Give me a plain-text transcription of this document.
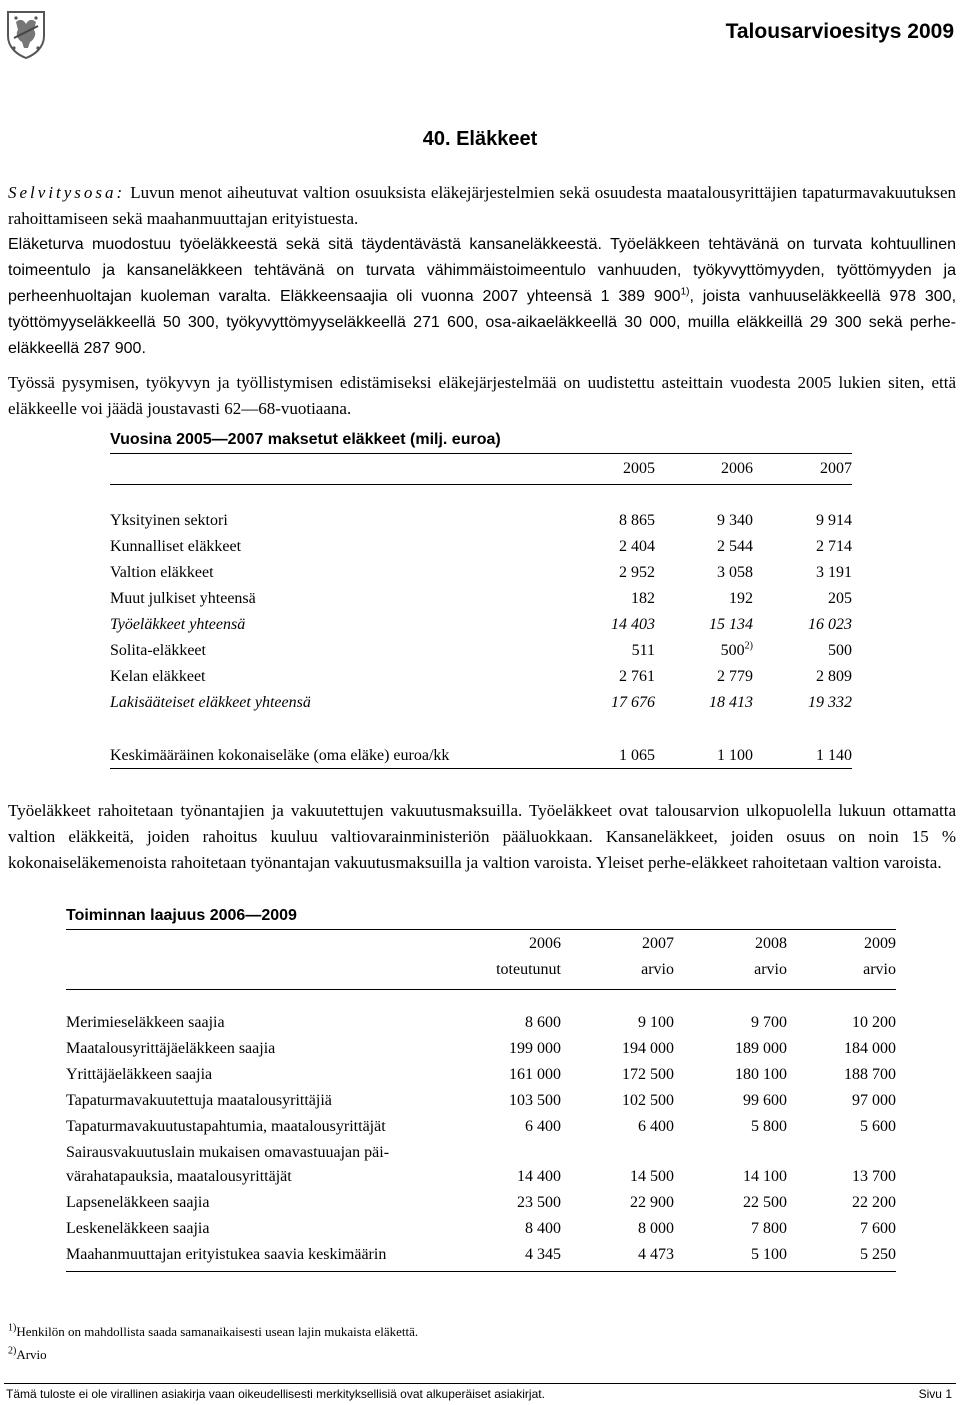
Talousarvioesitys 2009
40. Eläkkeet
Selvitysosa: Luvun menot aiheutuvat valtion osuuksista eläkejärjestelmien sekä osuudesta maatalousyrittäjien tapaturmavakuutuksen rahoittamiseen sekä maahanmuuttajan erityistuesta.
Eläketurva muodostuu työeläkkeestä sekä sitä täydentävästä kansaneläkkeestä. Työeläkkeen tehtävänä on turvata kohtuullinen toimeentulo ja kansaneläkkeen tehtävänä on turvata vähimmäistoimeentulo vanhuuden, työkyvyttömyyden, työttömyyden ja perheenhuoltajan kuoleman varalta. Eläkkeensaajia oli vuonna 2007 yhteensä 1 389 900$^{1)}$, joista vanhuuseläkkeellä 978 300, työttömyyseläkkeellä 50 300, työkyvyttömyyseläkkeellä 271 600, osa-aikaeläkkeellä 30 000, muilla eläkkeillä 29 300 sekä perhe-eläkkeellä 287 900.
Työssä pysymisen, työkyvyn ja työllistymisen edistämiseksi eläkejärjestelmää on uudistettu asteittain vuodesta 2005 lukien siten, että eläkkeelle voi jäädä joustavasti 62—68-vuotiaana.
Vuosina 2005—2007 maksetut eläkkeet (milj. euroa)
2005	2006	2007
Yksityinen sektori	8 865	9 340	9 914
Kunnalliset eläkkeet	2 404	2 544	2 714
Valtion eläkkeet	2 952	3 058	3 191
Muut julkiset yhteensä	182	192	205
Työeläkkeet yhteensä	14 403	15 134	16 023
Solita-eläkkeet	511	500$^{2)}$	500
Kelan eläkkeet	2 761	2 779	2 809
Lakisääteiset eläkkeet yhteensä	17 676	18 413	19 332
Keskimääräinen kokonaiseläke (oma eläke) euroa/kk	1 065	1 100	1 140
Työeläkkeet rahoitetaan työnantajien ja vakuutettujen vakuutusmaksuilla. Työeläkkeet ovat talousarvion ulkopuolella lukuun ottamatta valtion eläkkeitä, joiden rahoitus kuuluu valtiovarainministeriön pääluokkaan. Kansaneläkkeet, joiden osuus on noin 15 % kokonaiseläkemenoista rahoitetaan työnantajan vakuutusmaksuilla ja valtion varoista. Yleiset perhe-eläkkeet rahoitetaan valtion varoista.
Toiminnan laajuus 2006—2009
2006	2007	2008	2009
toteutunut	arvio	arvio	arvio
Merimieseläkkeen saajia	8 600	9 100	9 700	10 200
Maatalousyrittäjäeläkkeen saajia	199 000	194 000	189 000	184 000
Yrittäjäeläkkeen saajia	161 000	172 500	180 100	188 700
Tapaturmavakuutettuja maatalousyrittäjiä	103 500	102 500	99 600	97 000
Tapaturmavakuutustapahtumia, maatalousyrittäjät	6 400	6 400	5 800	5 600
Sairausvakuutuslain mukaisen omavastuuajan päi-
värahatapauksia, maatalousyrittäjät	14 400	14 500	14 100	13 700
Lapseneläkkeen saajia	23 500	22 900	22 500	22 200
Leskeneläkkeen saajia	8 400	8 000	7 800	7 600
Maahanmuuttajan erityistukea saavia keskimäärin	4 345	4 473	5 100	5 250
$^{1)}$Henkilön on mahdollista saada samanaikaisesti usean lajin mukaista eläkettä.
$^{2)}$Arvio
Tämä tuloste ei ole virallinen asiakirja vaan oikeudellisesti merkityksellisiä ovat alkuperäiset asiakirjat.	Sivu 1
